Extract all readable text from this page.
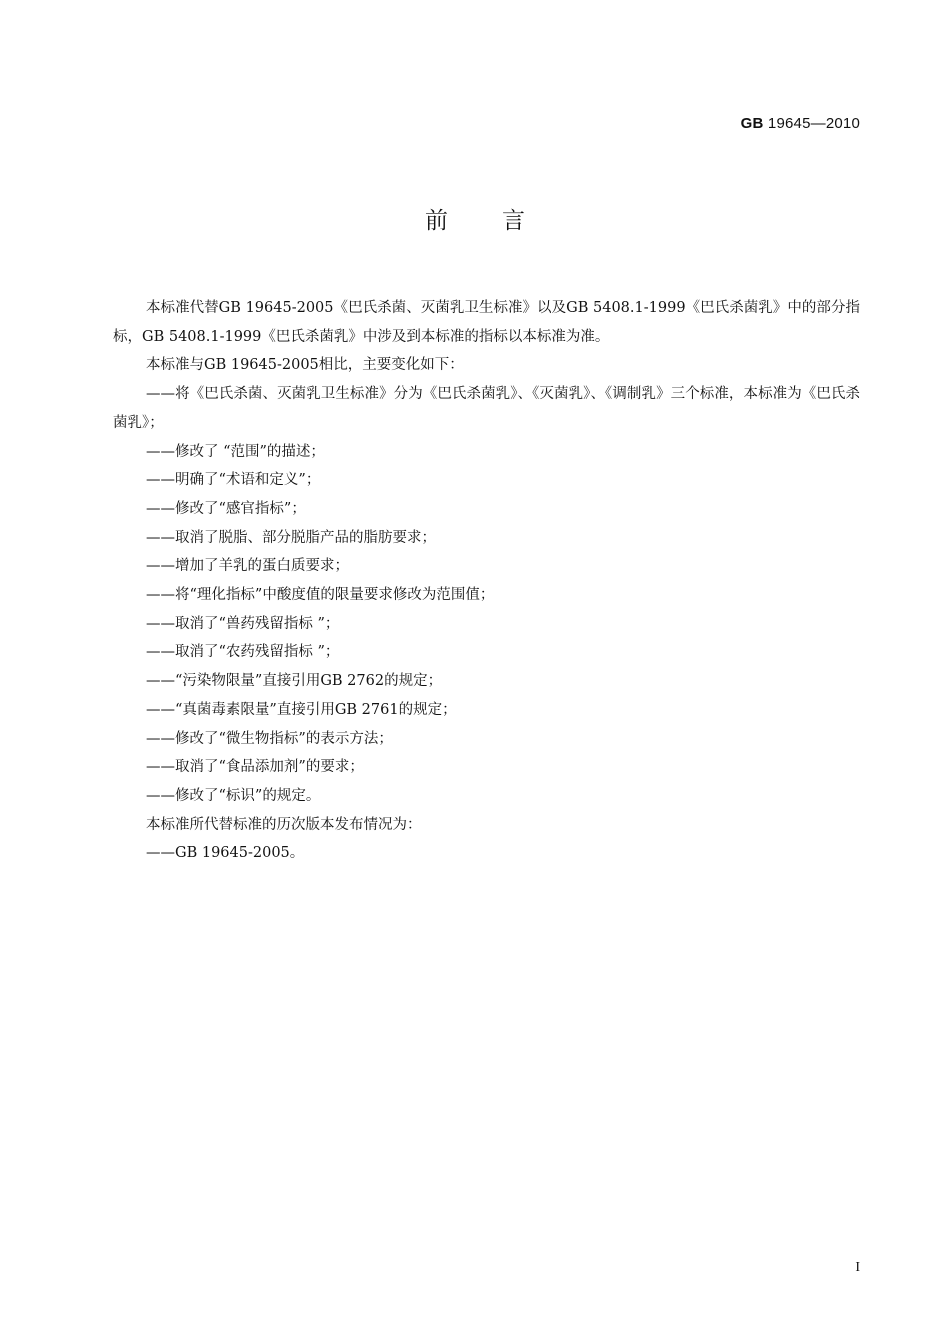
GB 19645—2010
前言

本标准代替GB 19645-2005《巴氏杀菌、灭菌乳卫生标准》以及GB 5408.1-1999《巴氏杀菌乳》中的部分指标，GB 5408.1-1999《巴氏杀菌乳》中涉及到本标准的指标以本标准为准。

本标准与GB 19645-2005相比，主要变化如下：

——将《巴氏杀菌、灭菌乳卫生标准》分为《巴氏杀菌乳》、《灭菌乳》、《调制乳》三个标准，本标准为《巴氏杀菌乳》；

——修改了 “范围”的描述；

——明确了“术语和定义”；

——修改了“感官指标”；

——取消了脱脂、部分脱脂产品的脂肪要求；

——增加了羊乳的蛋白质要求；

——将“理化指标”中酸度值的限量要求修改为范围值；

——取消了“兽药残留指标 ”；

——取消了“农药残留指标 ”；

——“污染物限量”直接引用GB 2762的规定；

——“真菌毒素限量”直接引用GB 2761的规定；

——修改了“微生物指标”的表示方法；

——取消了“食品添加剂”的要求；

——修改了“标识”的规定。

本标准所代替标准的历次版本发布情况为：

——GB 19645-2005。

I
